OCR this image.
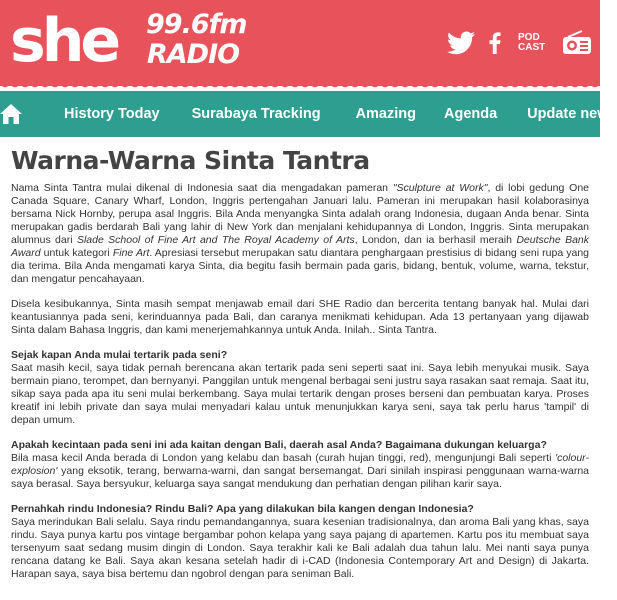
she 99.6fm
RADIO
POD
CAST
History Today Surabaya Tracking Amazing Agenda Update news
Warna-Warna Sinta Tantra

Nama Sinta Tantra mulai dikenal di Indonesia saat dia mengadakan pameran "Sculpture at Work", di lobi gedung One Canada Square, Canary Wharf, London, Inggris pertengahan Januari lalu. Pameran ini merupakan hasil kolaborasinya bersama Nick Hornby, perupa asal Inggris. Bila Anda menyangka Sinta adalah orang Indonesia, dugaan Anda benar. Sinta merupakan gadis berdarah Bali yang lahir di New York dan menjalani kehidupannya di London, Inggris. Sinta merupakan alumnus dari Slade School of Fine Art and The Royal Academy of Arts, London, dan ia berhasil meraih Deutsche Bank Award untuk kategori Fine Art. Apresiasi tersebut merupakan satu diantara penghargaan prestisius di bidang seni rupa yang dia terima. Bila Anda mengamati karya Sinta, dia begitu fasih bermain pada garis, bidang, bentuk, volume, warna, tekstur, dan mengatur pencahayaan.

Disela kesibukannya, Sinta masih sempat menjawab email dari SHE Radio dan bercerita tentang banyak hal. Mulai dari keantusiannya pada seni, kerinduannya pada Bali, dan caranya menikmati kehidupan. Ada 13 pertanyaan yang dijawab Sinta dalam Bahasa Inggris, dan kami menerjemahkannya untuk Anda. Inilah.. Sinta Tantra.

Sejak kapan Anda mulai tertarik pada seni?

Saat masih kecil, saya tidak pernah berencana akan tertarik pada seni seperti saat ini. Saya lebih menyukai musik. Saya bermain piano, terompet, dan bernyanyi. Panggilan untuk mengenal berbagai seni justru saya rasakan saat remaja. Saat itu, sikap saya pada apa itu seni mulai berkembang. Saya mulai tertarik dengan proses berseni dan pembuatan karya. Proses kreatif ini lebih private dan saya mulai menyadari kalau untuk menunjukkan karya seni, saya tak perlu harus 'tampil' di depan umum.

Apakah kecintaan pada seni ini ada kaitan dengan Bali, daerah asal Anda? Bagaimana dukungan keluarga?

Bila masa kecil Anda berada di London yang kelabu dan basah (curah hujan tinggi, red), mengunjungi Bali seperti 'colour-explosion' yang eksotik, terang, berwarna-warni, dan sangat bersemangat. Dari sinilah inspirasi penggunaan warna-warna saya berasal. Saya bersyukur, keluarga saya sangat mendukung dan perhatian dengan pilihan karir saya.

Pernahkah rindu Indonesia? Rindu Bali? Apa yang dilakukan bila kangen dengan Indonesia?

Saya merindukan Bali selalu. Saya rindu pemandangannya, suara kesenian tradisionalnya, dan aroma Bali yang khas, saya rindu. Saya punya kartu pos vintage bergambar pohon kelapa yang saya pajang di apartemen. Kartu pos itu membuat saya tersenyum saat sedang musim dingin di London. Saya terakhir kali ke Bali adalah dua tahun lalu. Mei nanti saya punya rencana datang ke Bali. Saya akan kesana setelah hadir di i-CAD (Indonesia Contemporary Art and Design) di Jakarta. Harapan saya, saya bisa bertemu dan ngobrol dengan para seniman Bali.
